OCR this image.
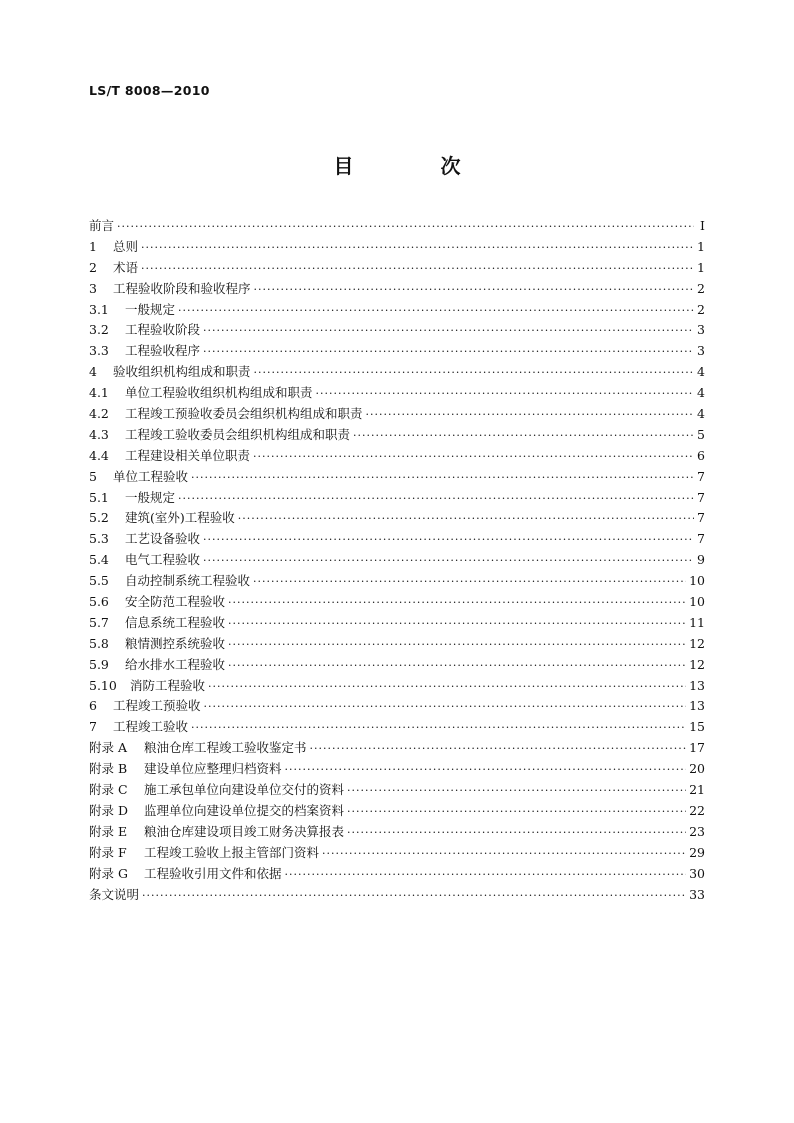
LS/T 8008—2010
目 次
前言 ·····	Ⅰ
1	总则 ·····	1
2	术语 ·····	1
3	工程验收阶段和验收程序 ·····	2
3.1	一般规定 ·····	2
3.2	工程验收阶段 ·····	3
3.3	工程验收程序 ·····	3
4	验收组织机构组成和职责 ·····	4
4.1	单位工程验收组织机构组成和职责 ·····	4
4.2	工程竣工预验收委员会组织机构组成和职责 ·····	4
4.3	工程竣工验收委员会组织机构组成和职责 ·····	5
4.4	工程建设相关单位职责 ·····	6
5	单位工程验收 ·····	7
5.1	一般规定 ·····	7
5.2	建筑(室外)工程验收 ·····	7
5.3	工艺设备验收 ·····	7
5.4	电气工程验收 ·····	9
5.5	自动控制系统工程验收 ·····	10
5.6	安全防范工程验收 ·····	10
5.7	信息系统工程验收 ·····	11
5.8	粮情测控系统验收 ·····	12
5.9	给水排水工程验收 ·····	12
5.10	消防工程验收 ·····	13
6	工程竣工预验收 ·····	13
7	工程竣工验收 ·····	15
附录 A	粮油仓库工程竣工验收鉴定书 ·····	17
附录 B	建设单位应整理归档资料 ·····	20
附录 C	施工承包单位向建设单位交付的资料 ·····	21
附录 D	监理单位向建设单位提交的档案资料 ·····	22
附录 E	粮油仓库建设项目竣工财务决算报表 ·····	23
附录 F	工程竣工验收上报主管部门资料 ·····	29
附录 G	工程验收引用文件和依据 ·····	30
条文说明 ·····	33
